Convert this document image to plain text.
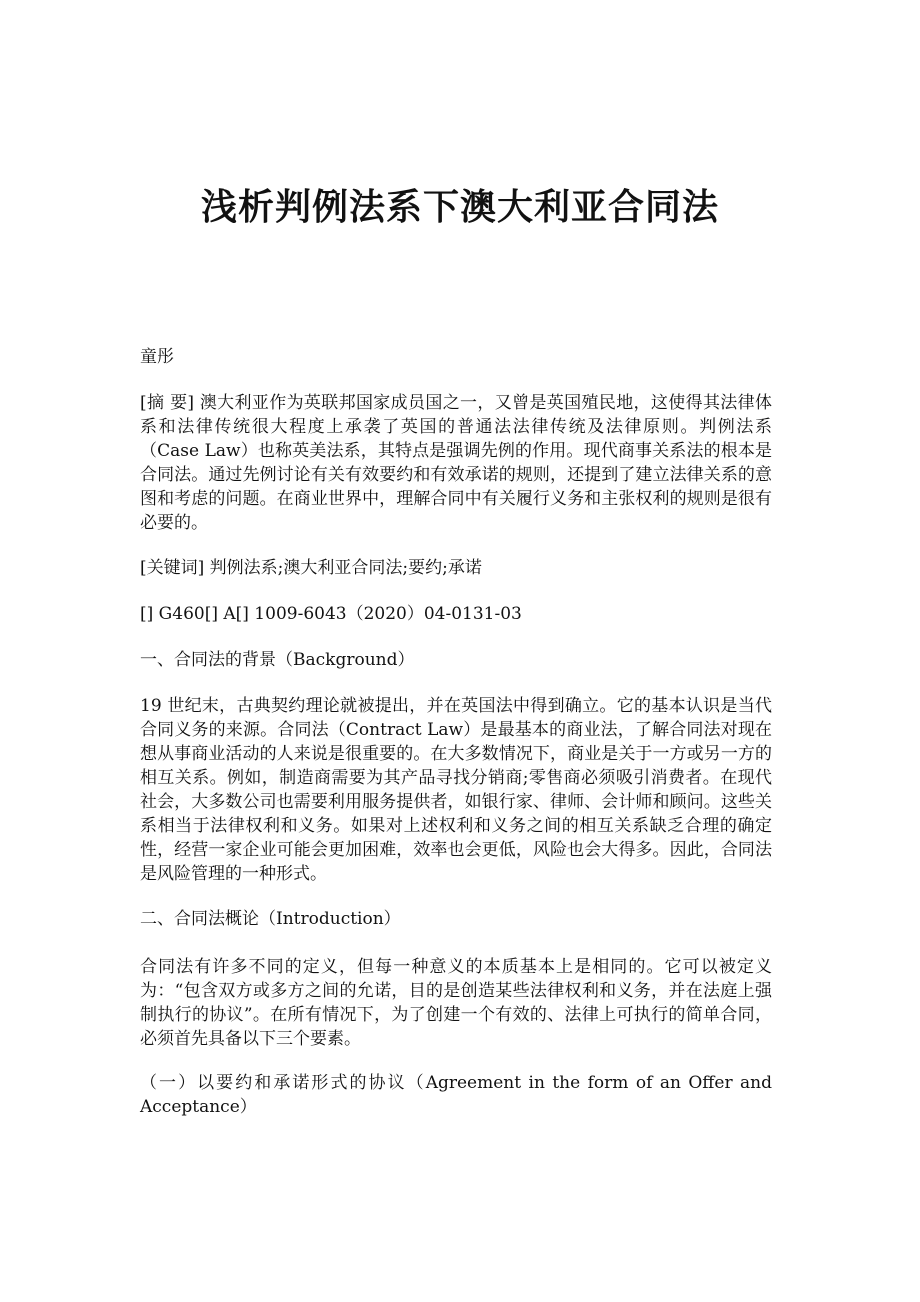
浅析判例法系下澳大利亚合同法

童彤

[摘 要] 澳大利亚作为英联邦国家成员国之一，又曾是英国殖民地，这使得其法律体系和法律传统很大程度上承袭了英国的普通法法律传统及法律原则。判例法系（Case Law）也称英美法系，其特点是强调先例的作用。现代商事关系法的根本是合同法。通过先例讨论有关有效要约和有效承诺的规则，还提到了建立法律关系的意图和考虑的问题。在商业世界中，理解合同中有关履行义务和主张权利的规则是很有必要的。

[关键词] 判例法系;澳大利亚合同法;要约;承诺

[] G460[] A[] 1009-6043（2020）04-0131-03

一、合同法的背景（Background）

19 世纪末，古典契约理论就被提出，并在英国法中得到确立。它的基本认识是当代合同义务的来源。合同法（Contract Law）是最基本的商业法，了解合同法对现在想从事商业活动的人来说是很重要的。在大多数情况下，商业是关于一方或另一方的相互关系。例如，制造商需要为其产品寻找分销商;零售商必须吸引消费者。在现代社会，大多数公司也需要利用服务提供者，如银行家、律师、会计师和顾问。这些关系相当于法律权利和义务。如果对上述权利和义务之间的相互关系缺乏合理的确定性，经营一家企业可能会更加困难，效率也会更低，风险也会大得多。因此，合同法是风险管理的一种形式。

二、合同法概论（Introduction）

合同法有许多不同的定义，但每一种意义的本质基本上是相同的。它可以被定义为：“包含双方或多方之间的允诺，目的是创造某些法律权利和义务，并在法庭上强制执行的协议”。在所有情况下，为了创建一个有效的、法律上可执行的简单合同，必须首先具备以下三个要素。

（一）以要约和承诺形式的协议（Agreement in the form of an Offer and Acceptance）
